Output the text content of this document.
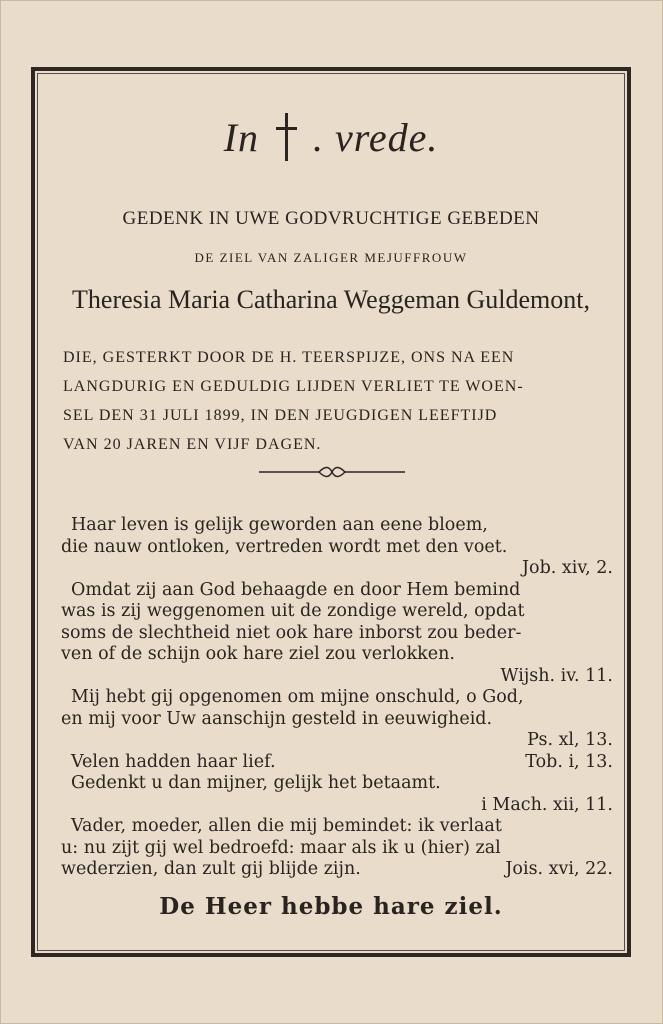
In . vrede.
GEDENK IN UWE GODVRUCHTIGE GEBEDEN
DE ZIEL VAN ZALIGER MEJUFFROUW
Theresia Maria Catharina Weggeman Guldemont,
DIE, GESTERKT DOOR DE H. TEERSPIJZE, ONS NA EEN
LANGDURIG EN GEDULDIG LIJDEN VERLIET TE WOEN-
SEL DEN 31 JULI 1899, IN DEN JEUGDIGEN LEEFTIJD
VAN 20 JAREN EN VIJF DAGEN.
Haar leven is gelijk geworden aan eene bloem,
die nauw ontloken, vertreden wordt met den voet.
Job. xiv, 2.
Omdat zij aan God behaagde en door Hem bemind
was is zij weggenomen uit de zondige wereld, opdat
soms de slechtheid niet ook hare inborst zou beder-
ven of de schijn ook hare ziel zou verlokken.
Wijsh. iv. 11.
Mij hebt gij opgenomen om mijne onschuld, o God,
en mij voor Uw aanschijn gesteld in eeuwigheid.
Ps. xl, 13.
Velen hadden haar lief.	Tob. i, 13.
Gedenkt u dan mijner, gelijk het betaamt.
i Mach. xii, 11.
Vader, moeder, allen die mij bemindet: ik verlaat
u: nu zijt gij wel bedroefd: maar als ik u (hier) zal
wederzien, dan zult gij blijde zijn.	Jois. xvi, 22.
De Heer hebbe hare ziel.
